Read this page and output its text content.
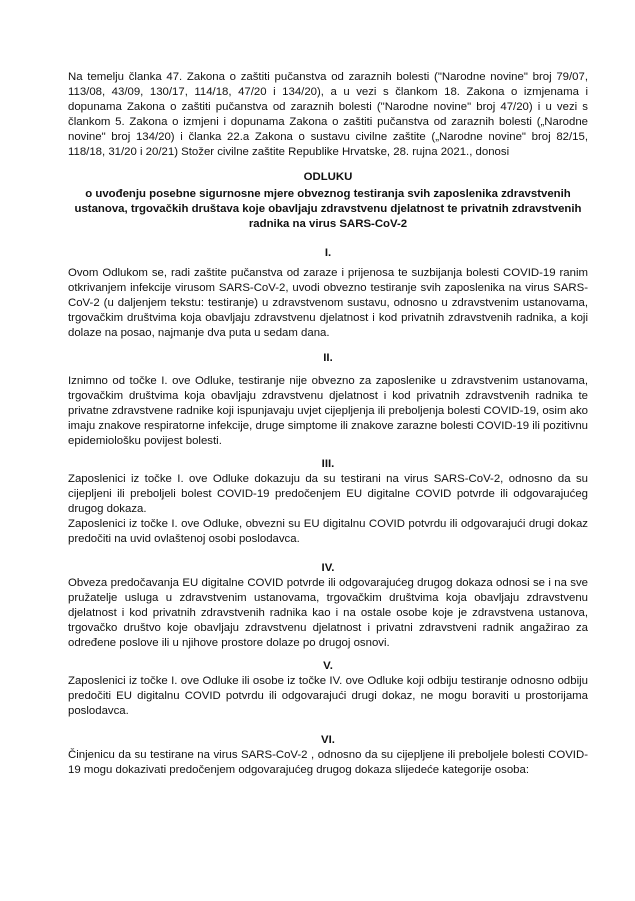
Na temelju članka 47. Zakona o zaštiti pučanstva od zaraznih bolesti ("Narodne novine" broj 79/07, 113/08, 43/09, 130/17, 114/18, 47/20 i 134/20), a u vezi s člankom 18. Zakona o izmjenama i dopunama Zakona o zaštiti pučanstva od zaraznih bolesti ("Narodne novine" broj 47/20) i u vezi s člankom 5. Zakona o izmjeni i dopunama Zakona o zaštiti pučanstva od zaraznih bolesti („Narodne novine" broj 134/20) i članka 22.a Zakona o sustavu civilne zaštite („Narodne novine" broj 82/15, 118/18, 31/20 i 20/21) Stožer civilne zaštite Republike Hrvatske, 28. rujna 2021., donosi

ODLUKU

o uvođenju posebne sigurnosne mjere obveznog testiranja svih zaposlenika zdravstvenih ustanova, trgovačkih društava koje obavljaju zdravstvenu djelatnost te privatnih zdravstvenih radnika na virus SARS-CoV-2

I.

Ovom Odlukom se, radi zaštite pučanstva od zaraze i prijenosa te suzbijanja bolesti COVID-19 ranim otkrivanjem infekcije virusom SARS-CoV-2, uvodi obvezno testiranje svih zaposlenika na virus SARS-CoV-2 (u daljenjem tekstu: testiranje) u zdravstvenom sustavu, odnosno u zdravstvenim ustanovama, trgovačkim društvima koja obavljaju zdravstvenu djelatnost i kod privatnih zdravstvenih radnika, a koji dolaze na posao, najmanje dva puta u sedam dana.

II.

Iznimno od točke I. ove Odluke, testiranje nije obvezno za zaposlenike u zdravstvenim ustanovama, trgovačkim društvima koja obavljaju zdravstvenu djelatnost i kod privatnih zdravstvenih radnika te privatne zdravstvene radnike koji ispunjavaju uvjet cijepljenja ili preboljenja bolesti COVID-19, osim ako imaju znakove respiratorne infekcije, druge simptome ili znakove zarazne bolesti COVID-19 ili pozitivnu epidemiološku povijest bolesti.

III.

Zaposlenici iz točke I. ove Odluke dokazuju da su testirani na virus SARS-CoV-2, odnosno da su cijepljeni ili preboljeli bolest COVID-19 predočenjem EU digitalne COVID potvrde ili odgovarajućeg drugog dokaza.

Zaposlenici iz točke I. ove Odluke, obvezni su EU digitalnu COVID potvrdu ili odgovarajući drugi dokaz predočiti na uvid ovlaštenoj osobi poslodavca.

IV.

Obveza predočavanja EU digitalne COVID potvrde ili odgovarajućeg drugog dokaza odnosi se i na sve pružatelje usluga u zdravstvenim ustanovama, trgovačkim društvima koja obavljaju zdravstvenu djelatnost i kod privatnih zdravstvenih radnika kao i na ostale osobe koje je zdravstvena ustanova, trgovačko društvo koje obavljaju zdravstvenu djelatnost i privatni zdravstveni radnik angažirao za određene poslove ili u njihove prostore dolaze po drugoj osnovi.

V.

Zaposlenici iz točke I. ove Odluke ili osobe iz točke IV. ove Odluke koji odbiju testiranje odnosno odbiju predočiti EU digitalnu COVID potvrdu ili odgovarajući drugi dokaz, ne mogu boraviti u prostorijama poslodavca.

VI.

Činjenicu da su testirane na virus SARS-CoV-2 , odnosno da su cijepljene ili preboljele bolesti COVID-19 mogu dokazivati predočenjem odgovarajućeg drugog dokaza slijedeće kategorije osoba:
